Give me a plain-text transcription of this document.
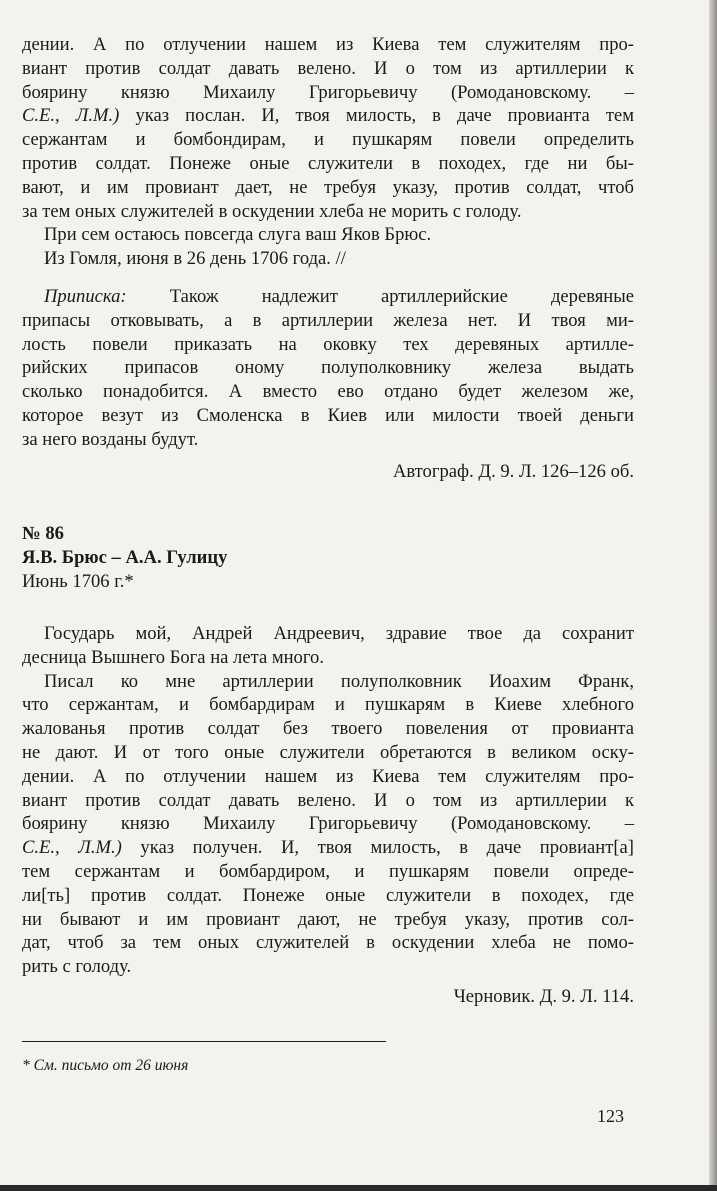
дении. А по отлучении нашем из Киева тем служителям про-
виант против солдат давать велено. И о том из артиллерии к
боярину князю Михаилу Григорьевичу (Ромодановскому. –
С.Е., Л.М.) указ послан. И, твоя милость, в даче провианта тем
сержантам и бомбондирам, и пушкарям повели определить
против солдат. Понеже оные служители в походех, где ни бы-
вают, и им провиант дает, не требуя указу, против солдат, чтоб
за тем оных служителей в оскудении хлеба не морить с голоду.
При сем остаюсь повсегда слуга ваш Яков Брюс.
Из Гомля, июня в 26 день 1706 года. //
Приписка: Також надлежит артиллерийские деревяные
припасы отковывать, а в артиллерии железа нет. И твоя ми-
лость повели приказать на оковку тех деревяных артилле-
рийских припасов оному полуполковнику железа выдать
сколько понадобится. А вместо ево отдано будет железом же,
которое везут из Смоленска в Киев или милости твоей деньги
за него возданы будут.
Автограф. Д. 9. Л. 126–126 об.
№ 86
Я.В. Брюс – А.А. Гулицу
Июнь 1706 г.*
Государь мой, Андрей Андреевич, здравие твое да сохранит
десница Вышнего Бога на лета много.
Писал ко мне артиллерии полуполковник Иоахим Франк,
что сержантам, и бомбардирам и пушкарям в Киеве хлебного
жалованья против солдат без твоего повеления от провианта
не дают. И от того оные служители обретаются в великом оску-
дении. А по отлучении нашем из Киева тем служителям про-
виант против солдат давать велено. И о том из артиллерии к
боярину князю Михаилу Григорьевичу (Ромодановскому. –
С.Е., Л.М.) указ получен. И, твоя милость, в даче провиант[а]
тем сержантам и бомбардиром, и пушкарям повели опреде-
ли[ть] против солдат. Понеже оные служители в походех, где
ни бывают и им провиант дают, не требуя указу, против сол-
дат, чтоб за тем оных служителей в оскудении хлеба не помо-
рить с голоду.
Черновик. Д. 9. Л. 114.
* См. письмо от 26 июня
123
